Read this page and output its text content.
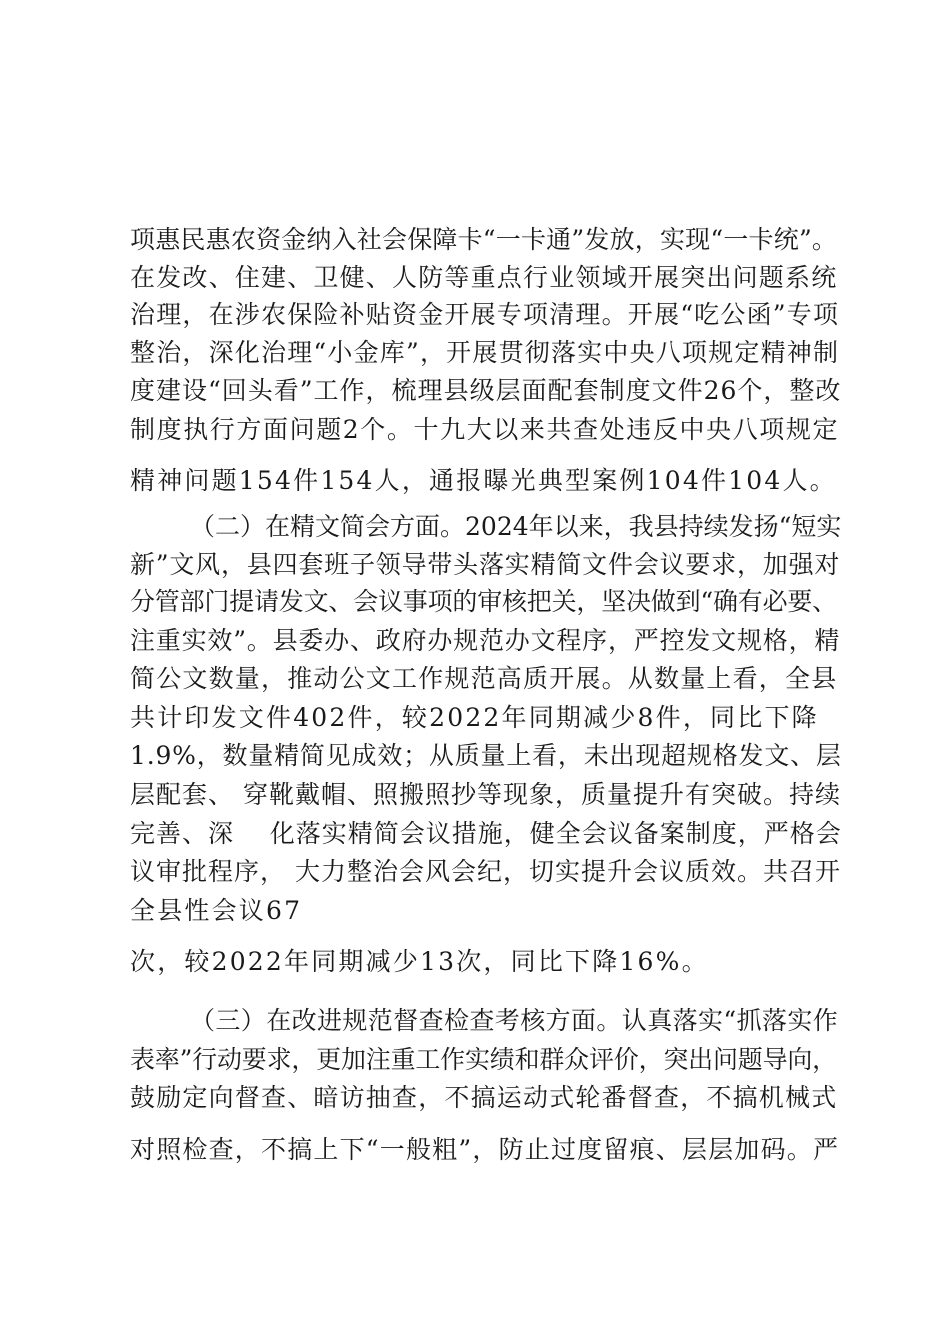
项惠民惠农资金纳入社会保障卡“一卡通”发放，实现“一卡统”。
在发改、住建、卫健、人防等重点行业领域开展突出问题系统
治理，在涉农保险补贴资金开展专项清理。开展“吃公函”专项
整治，深化治理“小金库”，开展贯彻落实中央八项规定精神制
度建设“回头看”工作，梳理县级层面配套制度文件26个，整改
制度执行方面问题2个。十九大以来共查处违反中央八项规定
精神问题154件154人，通报曝光典型案例104件104人。
（二）在精文简会方面。2024年以来，我县持续发扬“短实
新”文风，县四套班子领导带头落实精简文件会议要求，加强对
分管部门提请发文、会议事项的审核把关，坚决做到“确有必要、
注重实效”。县委办、政府办规范办文程序，严控发文规格，精
简公文数量，推动公文工作规范高质开展。从数量上看，全县
共计印发文件402件，较2022年同期减少8件，同比下降
1.9%，数量精简见成效；从质量上看，未出现超规格发文、层
层配套、 穿靴戴帽、照搬照抄等现象，质量提升有突破。持续
完善、深    化落实精简会议措施，健全会议备案制度，严格会
议审批程序， 大力整治会风会纪，切实提升会议质效。共召开
全县性会议67
次，较2022年同期减少13次，同比下降16%。
（三）在改进规范督查检查考核方面。认真落实“抓落实作
表率”行动要求，更加注重工作实绩和群众评价，突出问题导向，
鼓励定向督查、暗访抽查，不搞运动式轮番督查，不搞机械式
对照检查，不搞上下“一般粗”，防止过度留痕、层层加码。严
